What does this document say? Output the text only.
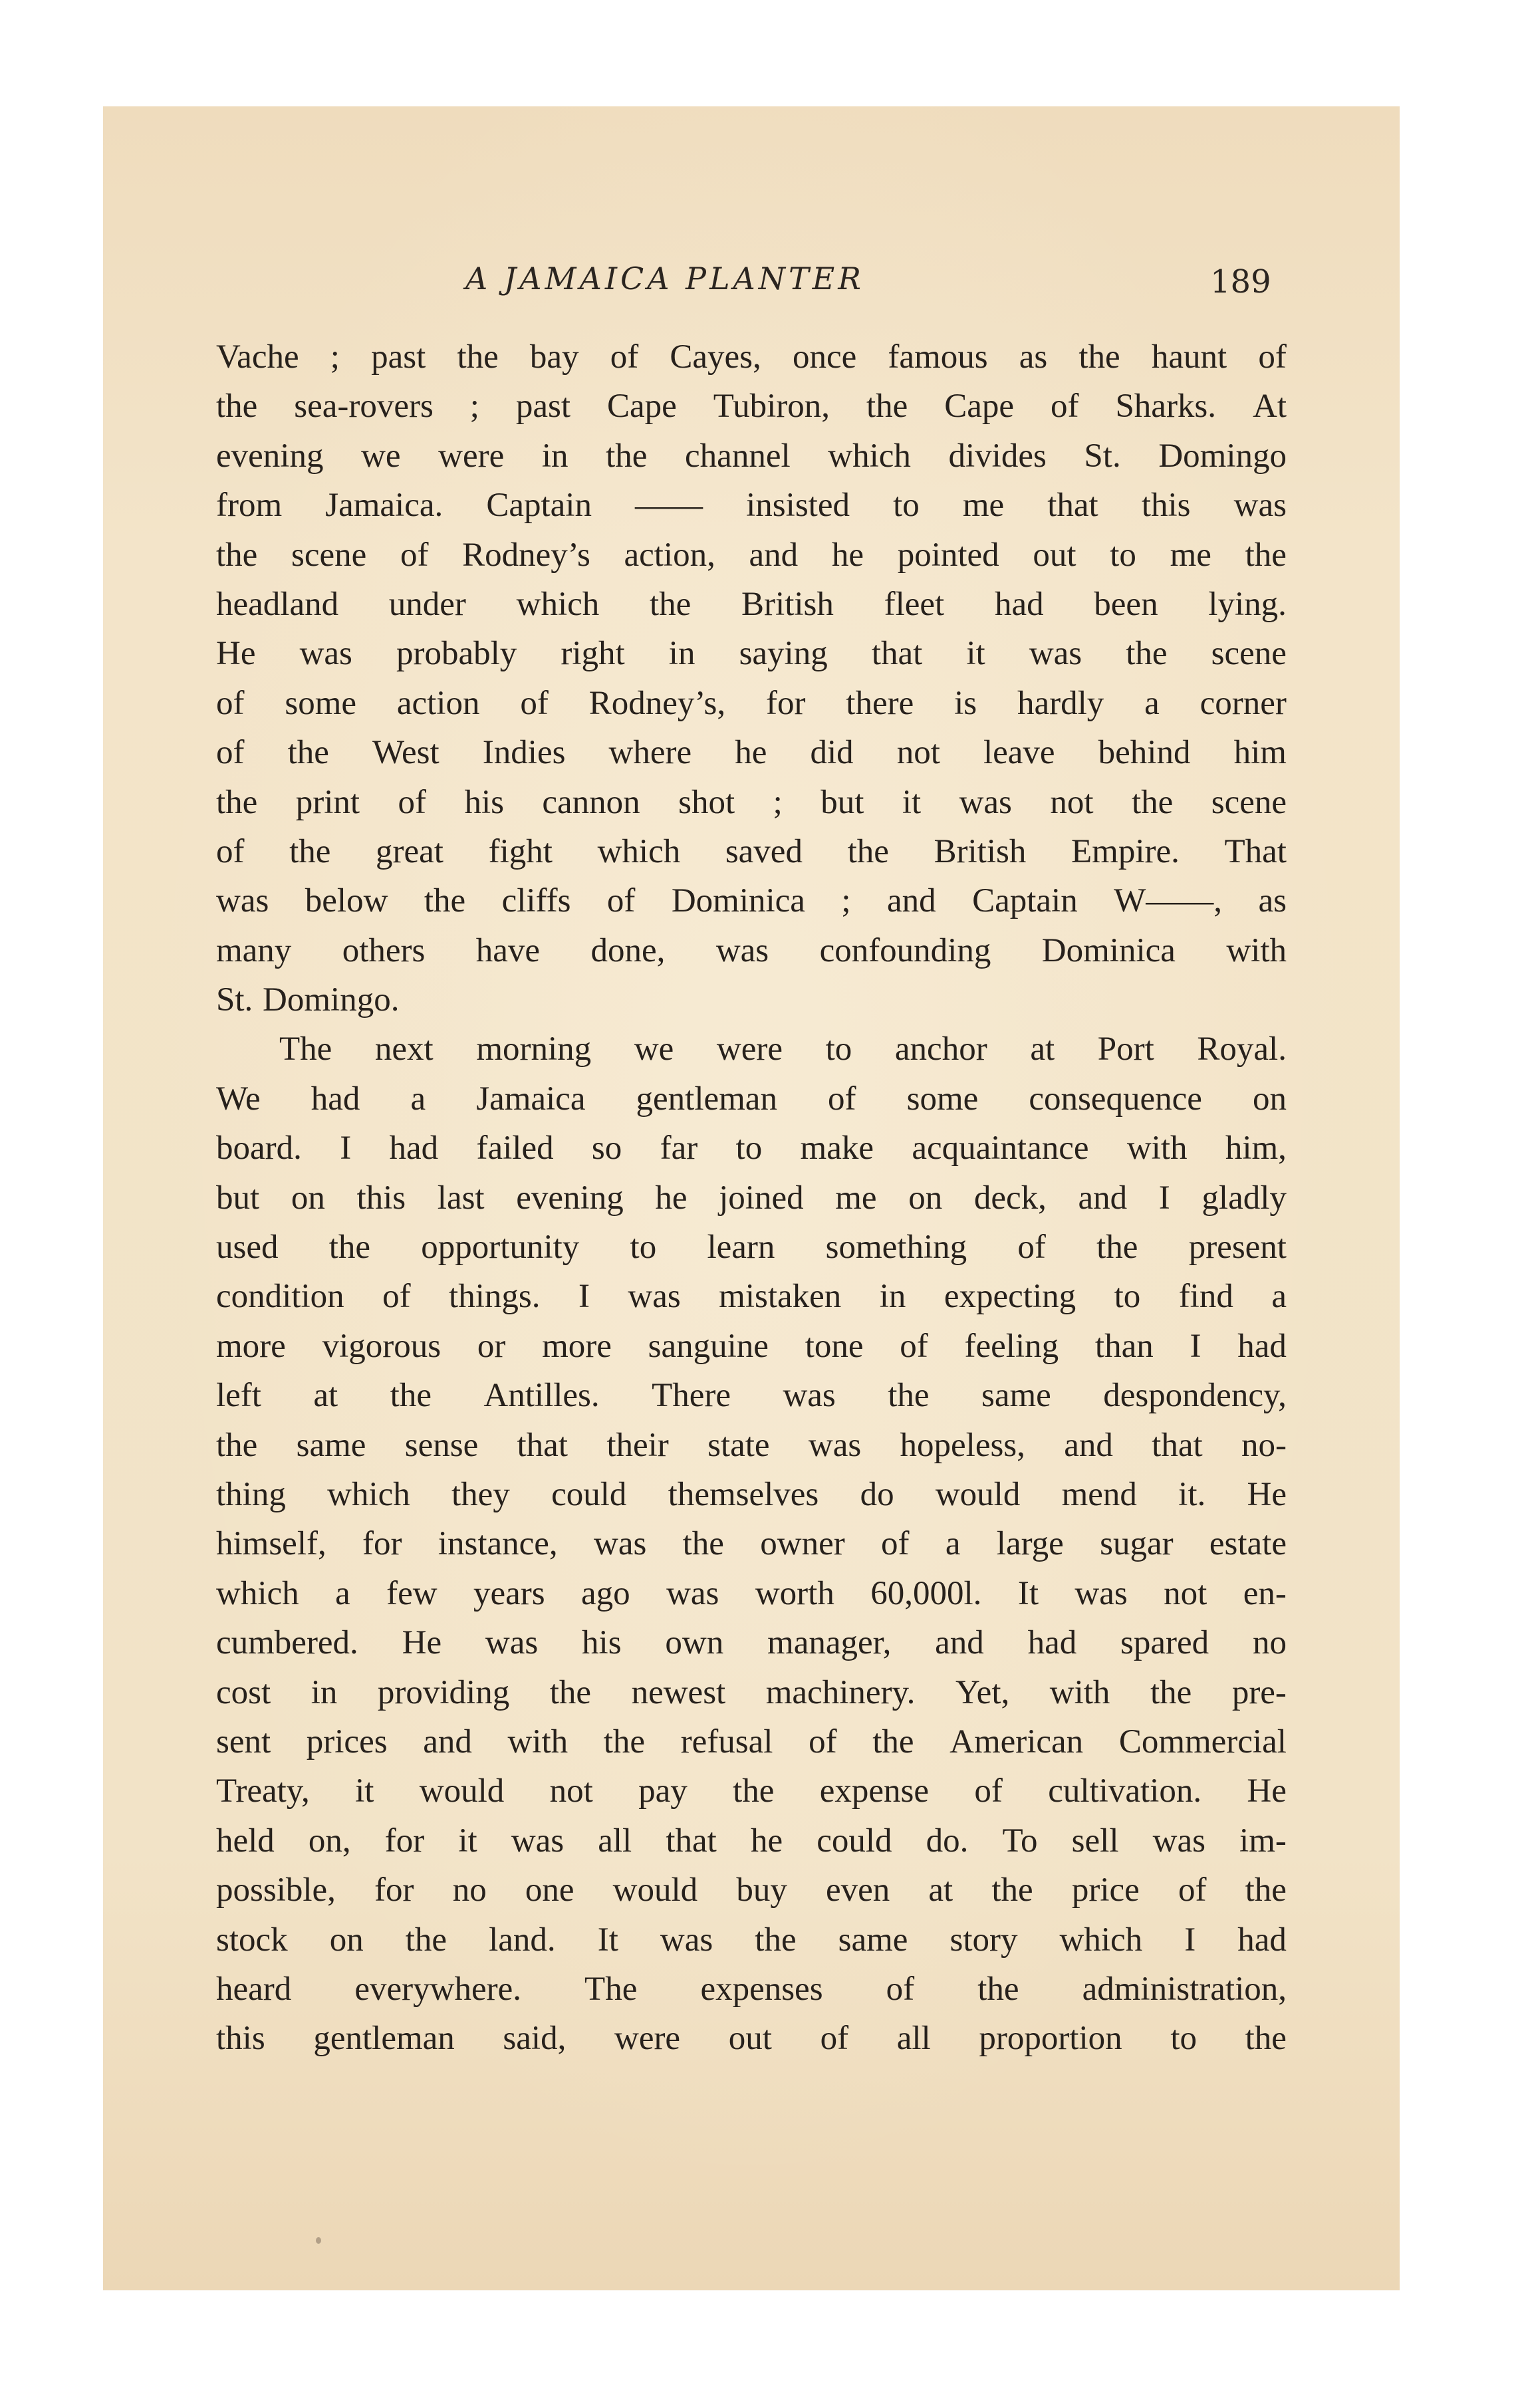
A JAMAICA PLANTER	189
Vache ; past the bay of Cayes, once famous as the haunt of
the sea-rovers ; past Cape Tubiron, the Cape of Sharks. At
evening we were in the channel which divides St. Domingo
from Jamaica. Captain —— insisted to me that this was
the scene of Rodney’s action, and he pointed out to me the
headland under which the British fleet had been lying.
He was probably right in saying that it was the scene
of some action of Rodney’s, for there is hardly a corner
of the West Indies where he did not leave behind him
the print of his cannon shot ; but it was not the scene
of the great fight which saved the British Empire. That
was below the cliffs of Dominica ; and Captain W——, as
many others have done, was confounding Dominica with
St. Domingo.
The next morning we were to anchor at Port Royal.
We had a Jamaica gentleman of some consequence on
board. I had failed so far to make acquaintance with him,
but on this last evening he joined me on deck, and I gladly
used the opportunity to learn something of the present
condition of things. I was mistaken in expecting to find a
more vigorous or more sanguine tone of feeling than I had
left at the Antilles. There was the same despondency,
the same sense that their state was hopeless, and that no-
thing which they could themselves do would mend it. He
himself, for instance, was the owner of a large sugar estate
which a few years ago was worth 60,000l. It was not en-
cumbered. He was his own manager, and had spared no
cost in providing the newest machinery. Yet, with the pre-
sent prices and with the refusal of the American Commercial
Treaty, it would not pay the expense of cultivation. He
held on, for it was all that he could do. To sell was im-
possible, for no one would buy even at the price of the
stock on the land. It was the same story which I had
heard everywhere. The expenses of the administration,
this gentleman said, were out of all proportion to the
